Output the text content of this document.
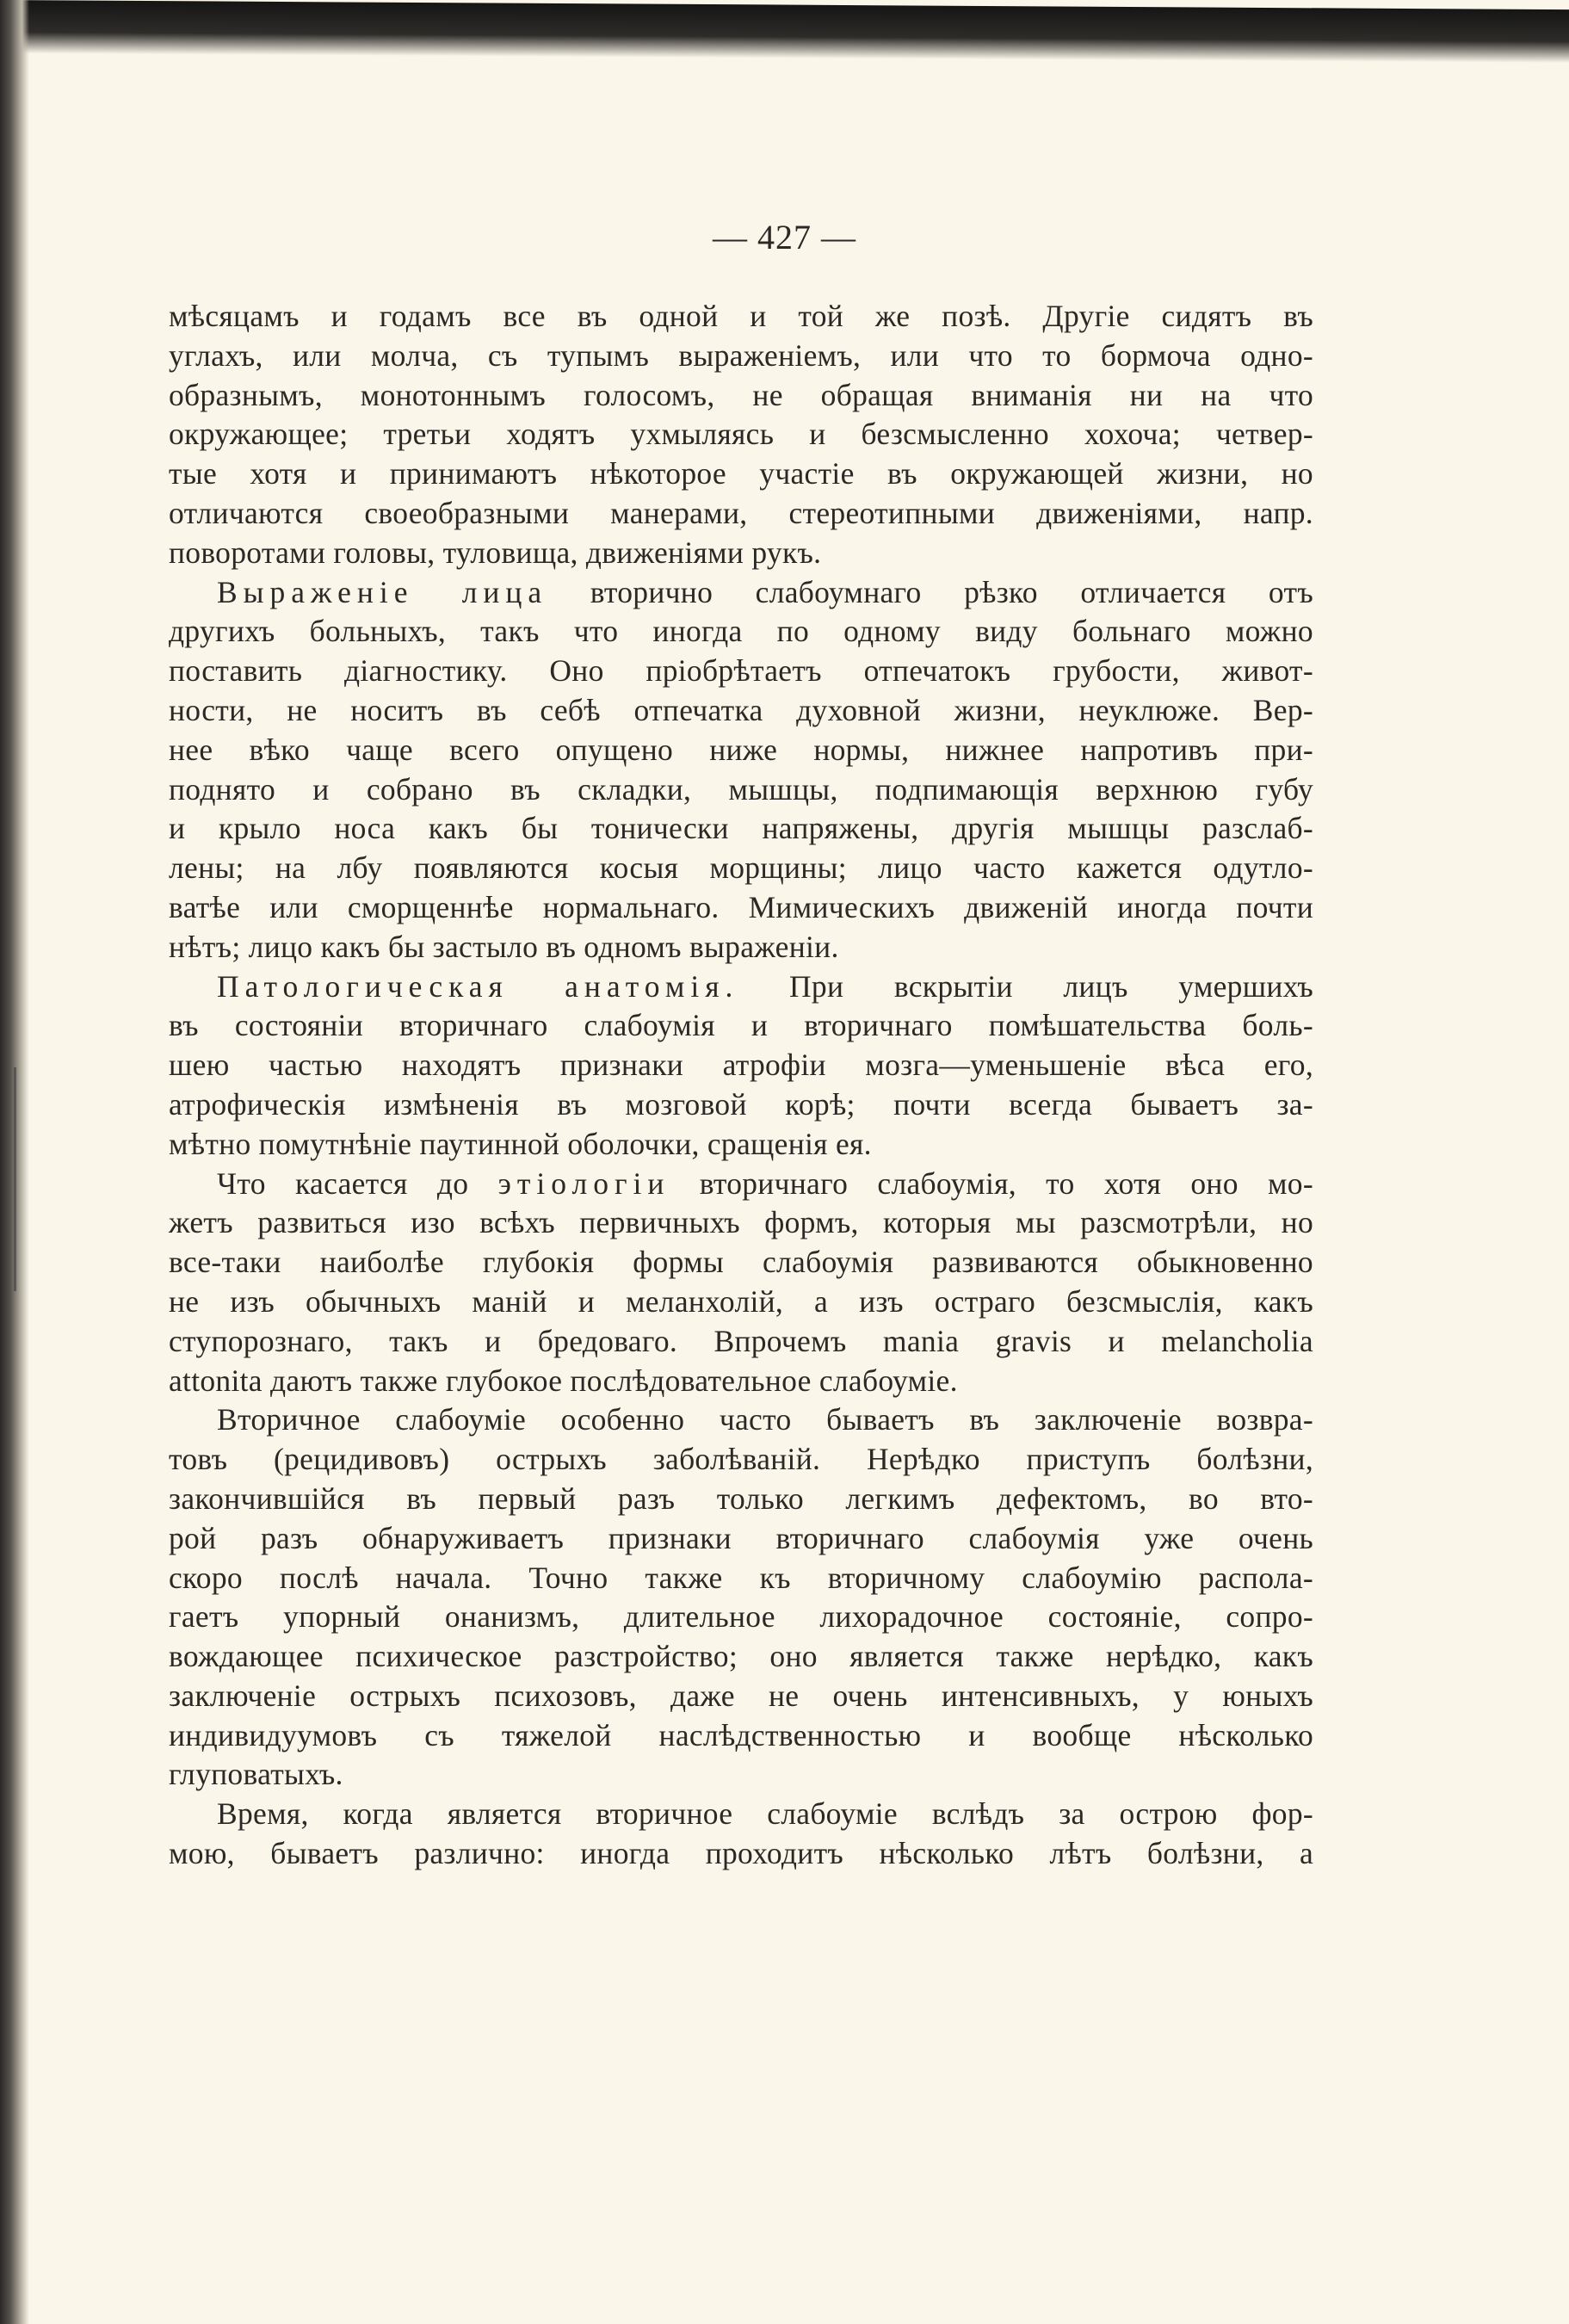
— 427 —
мѣсяцамъ и годамъ все въ одной и той же позѣ. Другіе сидятъ въ
углахъ, или молча, съ тупымъ выраженіемъ, или что то бормоча одно-
образнымъ, монотоннымъ голосомъ, не обращая вниманія ни на что
окружающее; третьи ходятъ ухмыляясь и безсмысленно хохоча; четвер-
тые хотя и принимаютъ нѣкоторое участіе въ окружающей жизни, но
отличаются своеобразными манерами, стереотипными движеніями, напр.
поворотами головы, туловища, движеніями рукъ.
Выраженіе лица вторично слабоумнаго рѣзко отличается отъ
другихъ больныхъ, такъ что иногда по одному виду больнаго можно
поставить діагностику. Оно пріобрѣтаетъ отпечатокъ грубости, живот-
ности, не носитъ въ себѣ отпечатка духовной жизни, неуклюже. Вер-
нее вѣко чаще всего опущено ниже нормы, нижнее напротивъ при-
поднято и собрано въ складки, мышцы, подпимающія верхнюю губу
и крыло носа какъ бы тонически напряжены, другія мышцы разслаб-
лены; на лбу появляются косыя морщины; лицо часто кажется одутло-
ватѣе или сморщеннѣе нормальнаго. Мимическихъ движеній иногда почти
нѣтъ; лицо какъ бы застыло въ одномъ выраженіи.
Патологическая анатомія. При вскрытіи лицъ умершихъ
въ состояніи вторичнаго слабоумія и вторичнаго помѣшательства боль-
шею частью находятъ признаки атрофіи мозга—уменьшеніе вѣса его,
атрофическія измѣненія въ мозговой корѣ; почти всегда бываетъ за-
мѣтно помутнѣніе паутинной оболочки, сращенія ея.
Что касается до этіологіи вторичнаго слабоумія, то хотя оно мо-
жетъ развиться изо всѣхъ первичныхъ формъ, которыя мы разсмотрѣли, но
все-таки наиболѣе глубокія формы слабоумія развиваются обыкновенно
не изъ обычныхъ маній и меланхолій, а изъ остраго безсмыслія, какъ
ступорознаго, такъ и бредоваго. Впрочемъ mania gravis и melancholia
attonita даютъ также глубокое послѣдовательное слабоуміе.
Вторичное слабоуміе особенно часто бываетъ въ заключеніе возвра-
товъ (рецидивовъ) острыхъ заболѣваній. Нерѣдко приступъ болѣзни,
закончившійся въ первый разъ только легкимъ дефектомъ, во вто-
рой разъ обнаруживаетъ признаки вторичнаго слабоумія уже очень
скоро послѣ начала. Точно также къ вторичному слабоумію распола-
гаетъ упорный онанизмъ, длительное лихорадочное состояніе, сопро-
вождающее психическое разстройство; оно является также нерѣдко, какъ
заключеніе острыхъ психозовъ, даже не очень интенсивныхъ, у юныхъ
индивидуумовъ съ тяжелой наслѣдственностью и вообще нѣсколько
глуповатыхъ.
Время, когда является вторичное слабоуміе вслѣдъ за острою фор-
мою, бываетъ различно: иногда проходитъ нѣсколько лѣтъ болѣзни, а
